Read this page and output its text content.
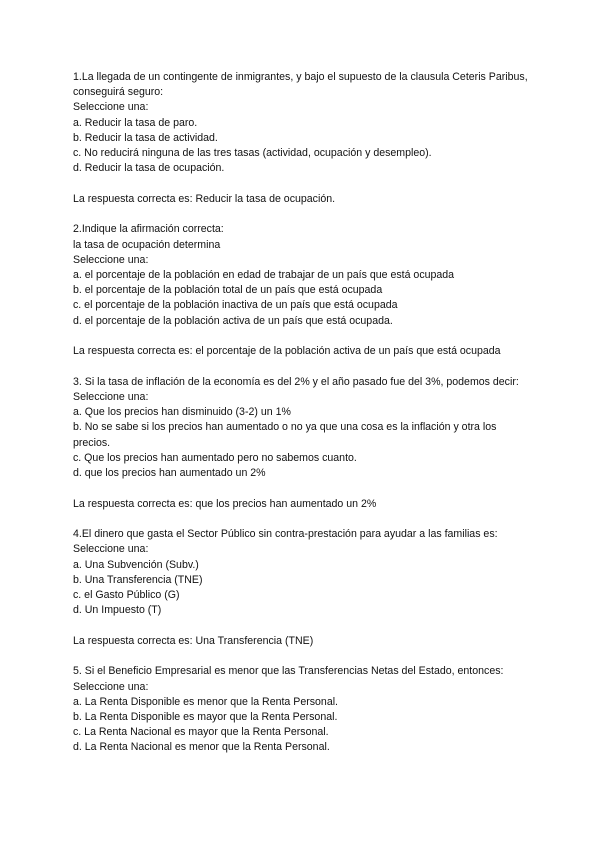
1.La llegada de un contingente de inmigrantes, y bajo el supuesto de la clausula Ceteris Paribus, conseguirá seguro:
Seleccione una:
a. Reducir la tasa de paro.
b. Reducir la tasa de actividad.
c. No reducirá ninguna de las tres tasas (actividad, ocupación y desempleo).
d. Reducir la tasa de ocupación.
La respuesta correcta es: Reducir la tasa de ocupación.
2.Indique la afirmación correcta:
la tasa de ocupación determina
Seleccione una:
a. el porcentaje de la población en edad de trabajar de un país que está ocupada
b. el porcentaje de la población total de un país que está ocupada
c. el porcentaje de la población inactiva de un país que está ocupada
d. el porcentaje de la población activa de un país que está ocupada.
La respuesta correcta es: el porcentaje de la población activa de un país que está ocupada
3. Si la tasa de inflación de la economía es del 2% y el año pasado fue del 3%, podemos decir:
Seleccione una:
a. Que los precios han disminuido (3-2) un 1%
b. No se sabe si los precios han aumentado o no ya que una cosa es la inflación y otra los precios.
c. Que los precios han aumentado pero no sabemos cuanto.
d. que los precios han aumentado un 2%
La respuesta correcta es: que los precios han aumentado un 2%
4.El dinero que gasta el Sector Público sin contra-prestación para ayudar a las familias es:
Seleccione una:
a. Una Subvención (Subv.)
b. Una Transferencia (TNE)
c. el Gasto Público (G)
d. Un Impuesto (T)
La respuesta correcta es: Una Transferencia (TNE)
5. Si el Beneficio Empresarial es menor que las Transferencias Netas del Estado, entonces:
Seleccione una:
a. La Renta Disponible es menor que la Renta Personal.
b. La Renta Disponible es mayor que la Renta Personal.
c. La Renta Nacional es mayor que la Renta Personal.
d. La Renta Nacional es menor que la Renta Personal.
